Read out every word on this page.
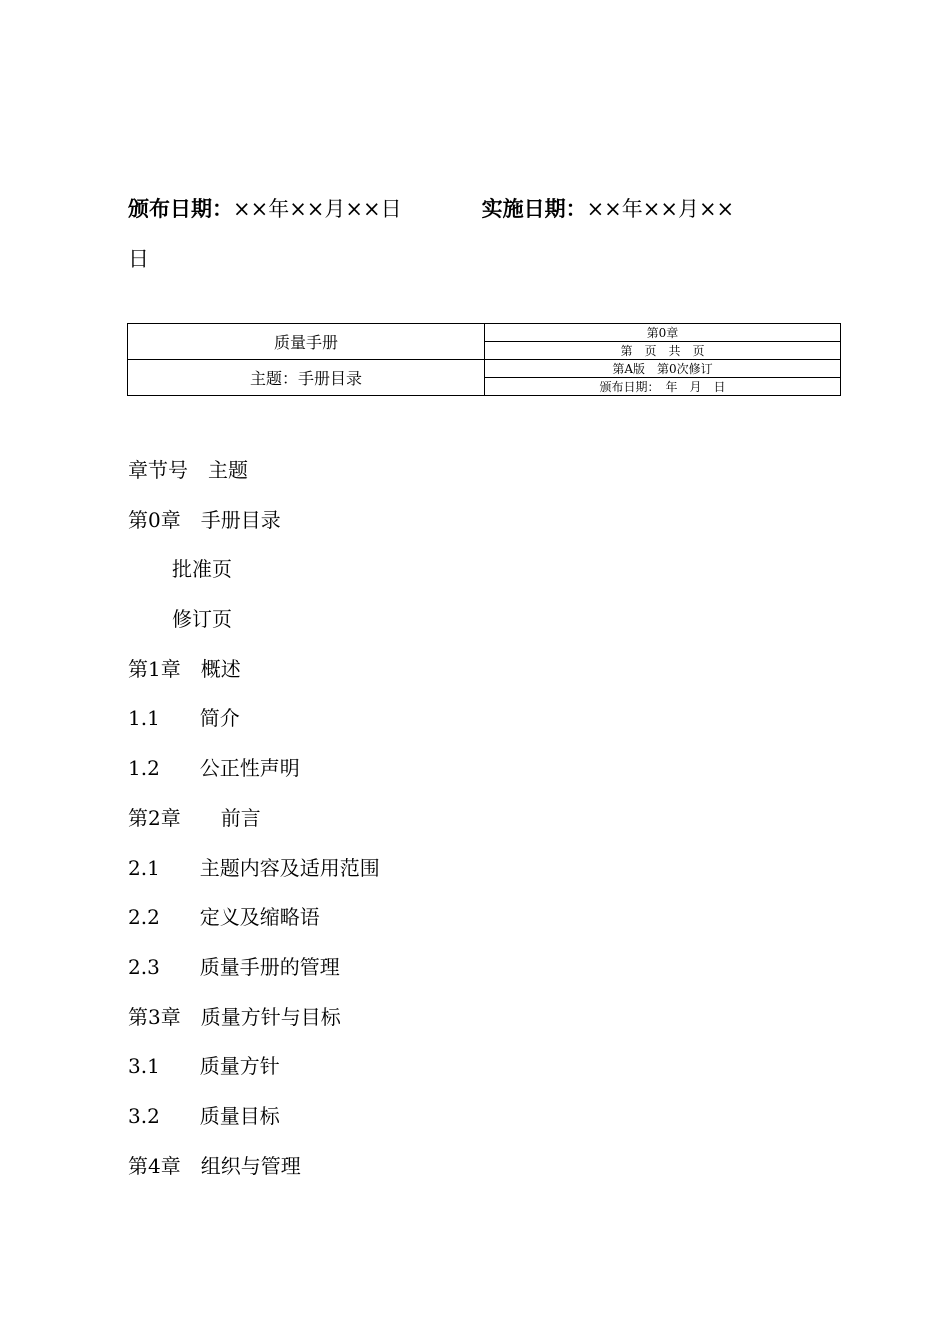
颁布日期：××年××月××日	实施日期：××年××月××
日
质量手册	第0章
	第　页　共　页
主题：手册目录	第A版　第0次修订
	颁布日期：　年　月　日
章节号　主题
第0章　手册目录
批准页
修订页
第1章　概述
1.1　　简介
1.2　　公正性声明
第2章　　前言
2.1　　主题内容及适用范围
2.2　　定义及缩略语
2.3　　质量手册的管理
第3章　质量方针与目标
3.1　　质量方针
3.2　　质量目标
第4章　组织与管理
